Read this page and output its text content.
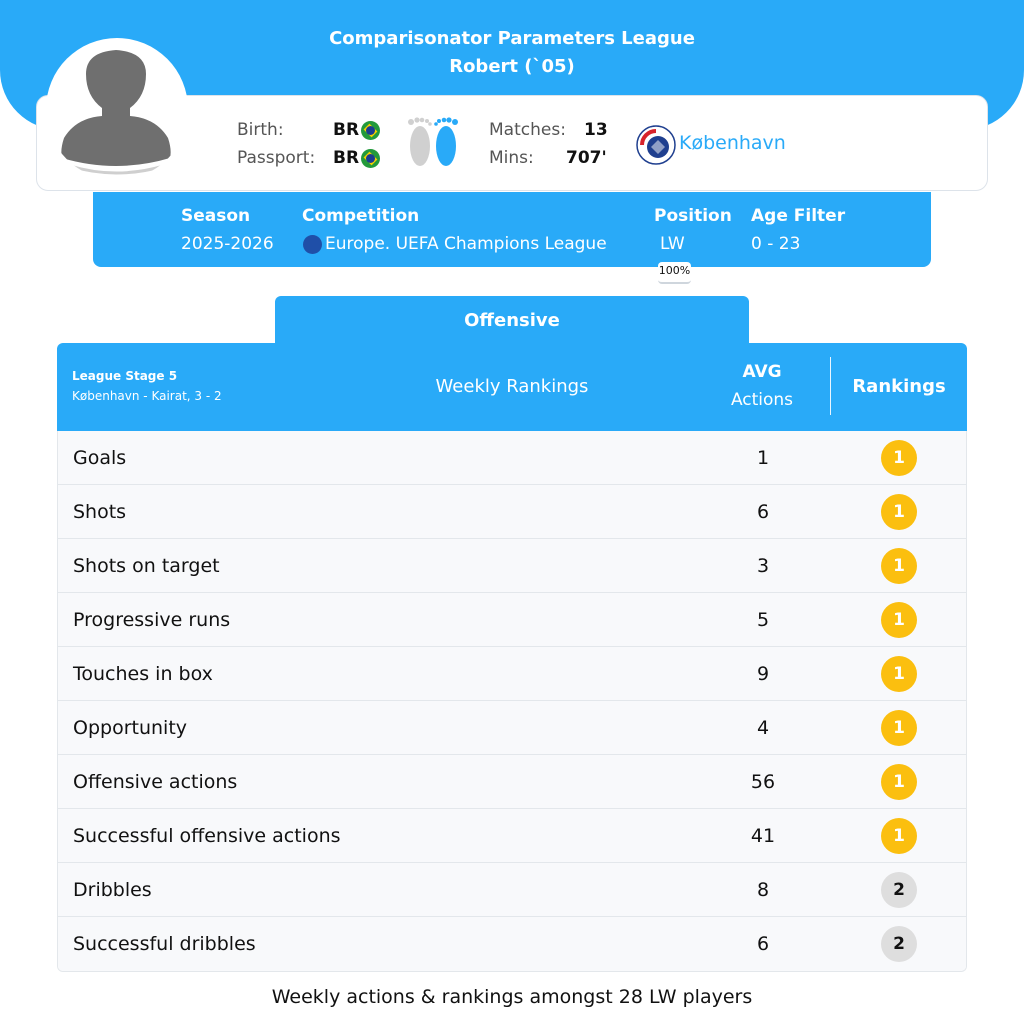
Comparisonator Parameters League
Robert (`05)
Birth:	BR
Passport: BR
Matches: 13
Mins: 707'
København
Season
2025-2026
Competition
Europe. UEFA Champions League
Position
LW
100%
Age Filter
0 - 23
Offensive
League Stage 5
København - Kairat, 3 - 2	Weekly Rankings
AVG
Actions
Rankings
Goals	1	1
Shots	6	1
Shots on target	3	1
Progressive runs	5	1
Touches in box	9	1
Opportunity	4	1
Offensive actions	56	1
Successful offensive actions	41	1
Dribbles	8	2
Successful dribbles	6	2
Weekly actions & rankings amongst 28 LW players
